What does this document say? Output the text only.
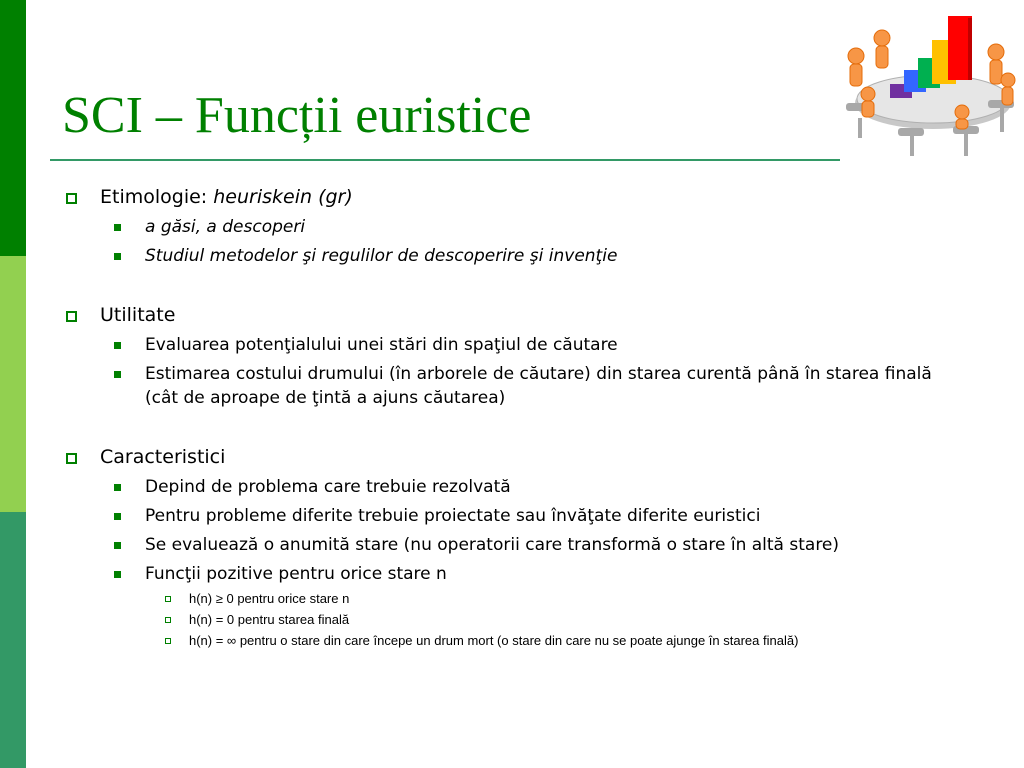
SCI – Funcții euristice
Etimologie: heuriskein (gr)
a găsi, a descoperi
Studiul metodelor şi regulilor de descoperire şi invenţie
Utilitate
Evaluarea potenţialului unei stări din spaţiul de căutare
Estimarea costului drumului (în arborele de căutare) din starea curentă până în starea finală (cât de aproape de ţintă a ajuns căutarea)
Caracteristici
Depind de problema care trebuie rezolvată
Pentru probleme diferite trebuie proiectate sau învăţate diferite euristici
Se evaluează o anumită stare (nu operatorii care transformă o stare în altă stare)
Funcţii pozitive pentru orice stare n
h(n) ≥ 0 pentru orice stare n
h(n) = 0 pentru starea finală
h(n) = ∞ pentru o stare din care începe un drum mort (o stare din care nu se poate ajunge în starea finală)
